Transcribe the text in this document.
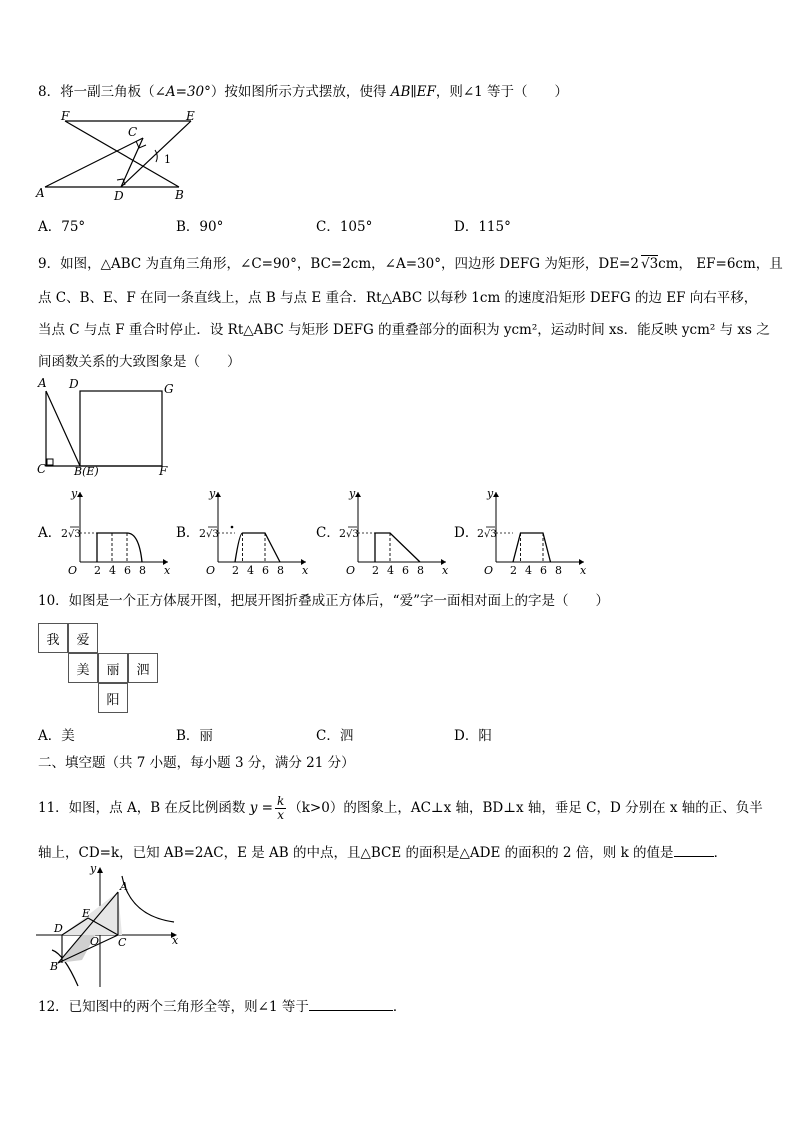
8．将一副三角板（∠A=30°）按如图所示方式摆放，使得 AB∥EF，则∠1 等于（　　）
F	E
C
1
A	D	B
A．75°	B．90°	C．105°	D．115°
9．如图，△ABC 为直角三角形，∠C=90°，BC=2cm，∠A=30°，四边形 DEFG 为矩形，DE=2 √3cm， EF=6cm，且
点 C、B、E、F 在同一条直线上，点 B 与点 E 重合．Rt△ABC 以每秒 1cm 的速度沿矩形 DEFG 的边 EF 向右平移，
当点 C 与点 F 重合时停止．设 Rt△ABC 与矩形 DEFG 的重叠部分的面积为 ycm²，运动时间 xs．能反映 ycm² 与 xs 之
间函数关系的大致图象是（　　）
A D	G
C	B(E)	F
A．	B．	C．	D．
y
x
O
2 √3
2 4 6 8
y
x
O
2 √3
2 4 6 8
y
x
O
2 √3
2 4 6 8
y
x
O
2 √3
2 4 6 8
10．如图是一个正方体展开图，把展开图折叠成正方体后，“爱”字一面相对面上的字是（　　）
我	爱
美	丽	泗
阳
A．美	B．丽	C．泗	D．阳
二、填空题（共 7 小题，每小题 3 分，满分 21 分）
11．如图，点 A，B 在反比例函数 $y = \frac{k}{x} (k>0)$的图象上，AC⊥x 轴，BD⊥x 轴，垂足 C，D 分别在 x 轴的正、负半
轴上，CD=k，已知 AB=2AC，E 是 AB 的中点，且△BCE 的面积是△ADE 的面积的 2 倍，则 k 的值是	．
y
x
A
E
D
O C
B
12．已知图中的两个三角形全等，则∠1 等于	．
